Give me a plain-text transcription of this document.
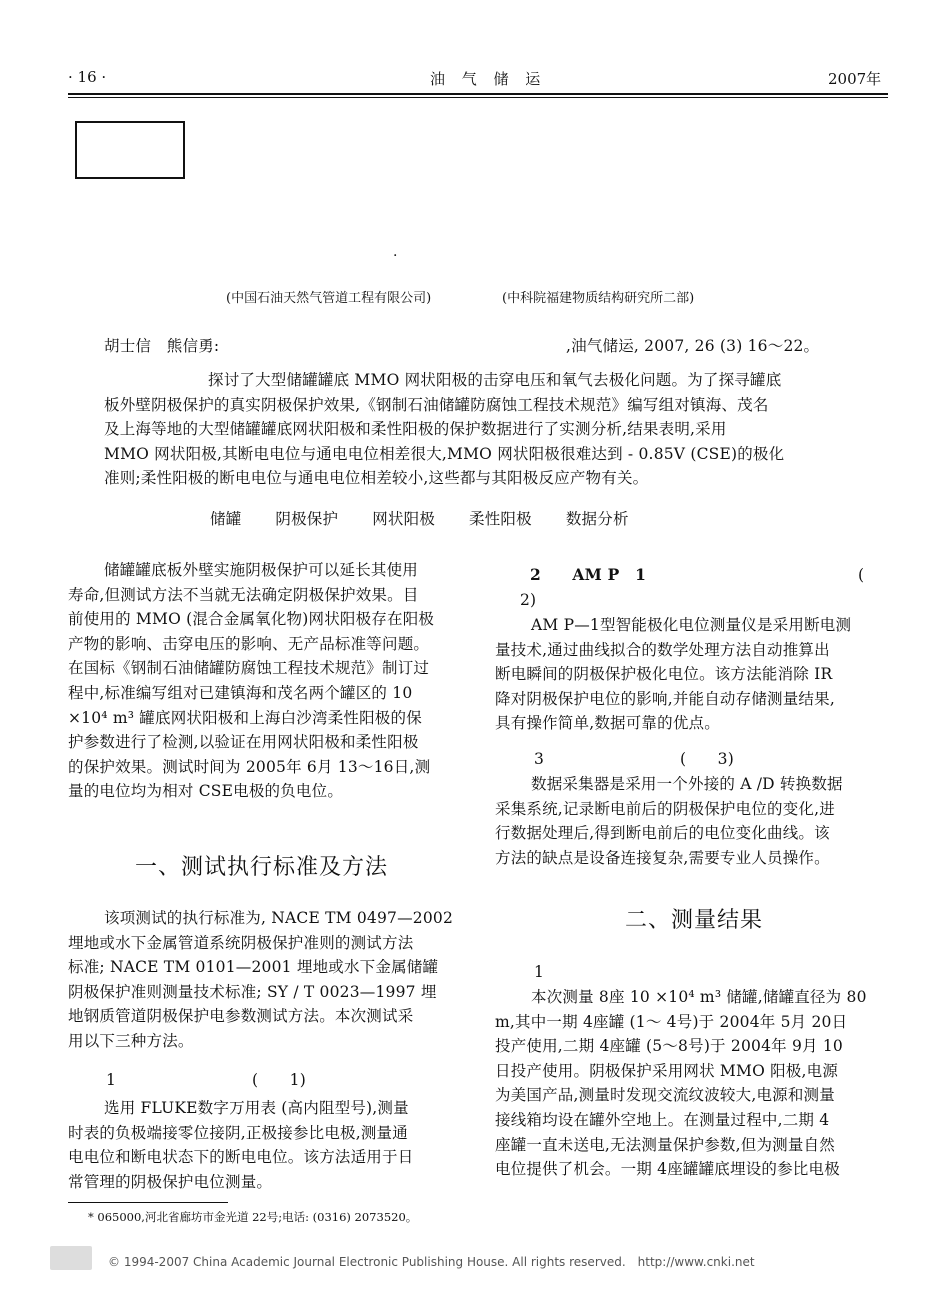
· 16 ·	油 气 储 运	2007年
·
(中国石油天然气管道工程有限公司)	(中科院福建物质结构研究所二部)
胡士信　熊信勇:	,油气储运, 2007, 26 (3) 16～22。
探讨了大型储罐罐底 MMO 网状阳极的击穿电压和氧气去极化问题。为了探寻罐底
板外壁阴极保护的真实阴极保护效果,《钢制石油储罐防腐蚀工程技术规范》编写组对镇海、茂名
及上海等地的大型储罐罐底网状阳极和柔性阳极的保护数据进行了实测分析,结果表明,采用
MMO 网状阳极,其断电电位与通电电位相差很大,MMO 网状阳极很难达到 - 0.85V (CSE)的极化
准则;柔性阳极的断电电位与通电电位相差较小,这些都与其阳极反应产物有关。
储罐 阴极保护 网状阳极 柔性阳极 数据分析
储罐罐底板外壁实施阴极保护可以延长其使用
寿命,但测试方法不当就无法确定阴极保护效果。目
前使用的 MMO (混合金属氧化物)网状阳极存在阳极
产物的影响、击穿电压的影响、无产品标准等问题。
在国标《钢制石油储罐防腐蚀工程技术规范》制订过
程中,标准编写组对已建镇海和茂名两个罐区的 10
×10⁴ m³ 罐底网状阳极和上海白沙湾柔性阳极的保
护参数进行了检测,以验证在用网状阳极和柔性阳极
的保护效果。测试时间为 2005年 6月 13～16日,测
量的电位均为相对 CSE电极的负电位。
一、测试执行标准及方法
该项测试的执行标准为, NACE TM 0497—2002
埋地或水下金属管道系统阴极保护准则的测试方法
标准; NACE TM 0101—2001 埋地或水下金属储罐
阴极保护准则测量技术标准; SY / T 0023—1997 埋
地钢质管道阴极保护电参数测试方法。本次测试采
用以下三种方法。
1	(　　1)
选用 FLUKE数字万用表 (高内阻型号),测量
时表的负极端接零位接阴,正极接参比电极,测量通
电电位和断电状态下的断电电位。该方法适用于日
常管理的阴极保护电位测量。
* 065000,河北省廊坊市金光道 22号;电话: (0316) 2073520。
2　　AM P　1	(
2)
AM P—1型智能极化电位测量仪是采用断电测
量技术,通过曲线拟合的数学处理方法自动推算出
断电瞬间的阴极保护极化电位。该方法能消除 IR
降对阴极保护电位的影响,并能自动存储测量结果,
具有操作简单,数据可靠的优点。
3	(　　3)
数据采集器是采用一个外接的 A /D 转换数据
采集系统,记录断电前后的阴极保护电位的变化,进
行数据处理后,得到断电前后的电位变化曲线。该
方法的缺点是设备连接复杂,需要专业人员操作。
二、测量结果
1
本次测量 8座 10 ×10⁴ m³ 储罐,储罐直径为 80
m,其中一期 4座罐 (1～ 4号)于 2004年 5月 20日
投产使用,二期 4座罐 (5～8号)于 2004年 9月 10
日投产使用。阴极保护采用网状 MMO 阳极,电源
为美国产品,测量时发现交流纹波较大,电源和测量
接线箱均设在罐外空地上。在测量过程中,二期 4
座罐一直未送电,无法测量保护参数,但为测量自然
电位提供了机会。一期 4座罐罐底埋设的参比电极
© 1994-2007 China Academic Journal Electronic Publishing House. All rights reserved.　http://www.cnki.net
